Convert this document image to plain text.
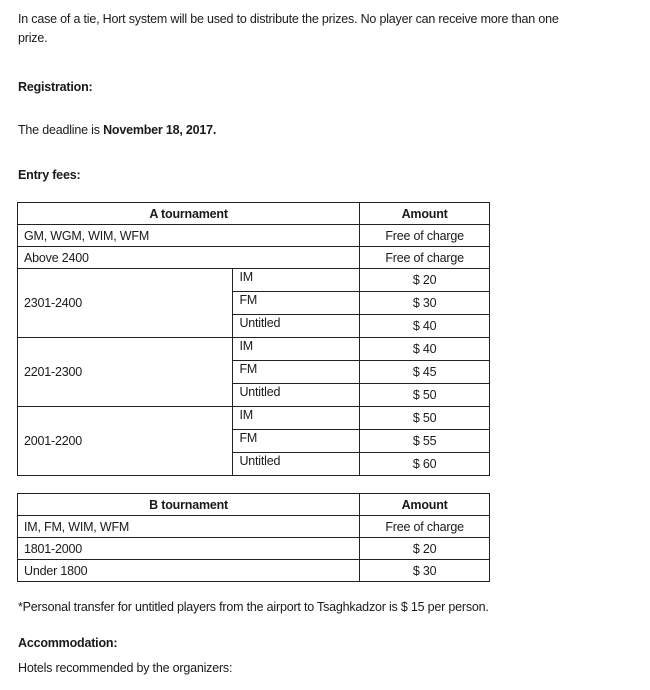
In case of a tie, Hort system will be used to distribute the prizes. No player can receive more than one
prize.
Registration:
The deadline is November 18, 2017.
Entry fees:
A tournament		Amount
GM, WGM, WIM, WFM		Free of charge
Above 2400		Free of charge
2301-2400	IM	$ 20
	FM	$ 30
	Untitled	$ 40
2201-2300	IM	$ 40
	FM	$ 45
	Untitled	$ 50
2001-2200	IM	$ 50
	FM	$ 55
	Untitled	$ 60
B tournament	Amount
IM, FM, WIM, WFM	Free of charge
1801-2000	$ 20
Under 1800	$ 30
*Personal transfer for untitled players from the airport to Tsaghkadzor is $ 15 per person.
Accommodation:
Hotels recommended by the organizers:
